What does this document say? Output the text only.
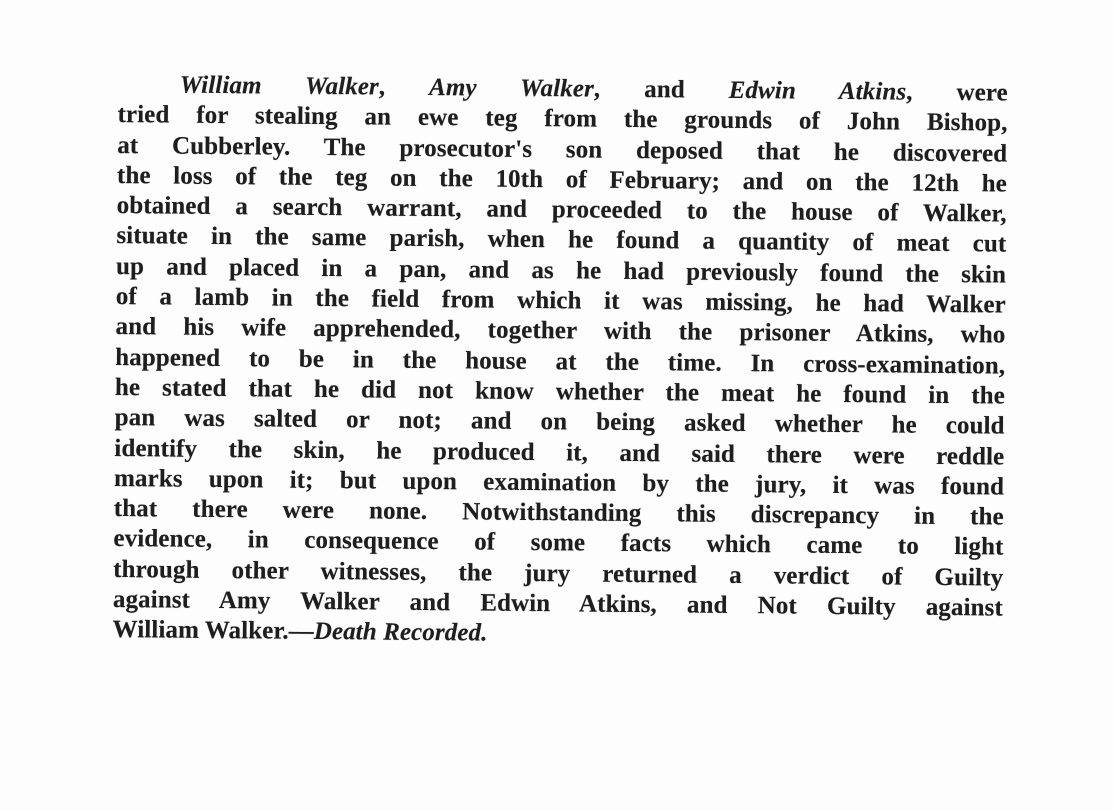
William Walker, Amy Walker, and Edwin Atkins, were
tried for stealing an ewe teg from the grounds of John Bishop,
at Cubberley. The prosecutor's son deposed that he discovered
the loss of the teg on the 10th of February; and on the 12th he
obtained a search warrant, and proceeded to the house of Walker,
situate in the same parish, when he found a quantity of meat cut
up and placed in a pan, and as he had previously found the skin
of a lamb in the field from which it was missing, he had Walker
and his wife apprehended, together with the prisoner Atkins, who
happened to be in the house at the time. In cross-examination,
he stated that he did not know whether the meat he found in the
pan was salted or not; and on being asked whether he could
identify the skin, he produced it, and said there were reddle
marks upon it; but upon examination by the jury, it was found
that there were none. Notwithstanding this discrepancy in the
evidence, in consequence of some facts which came to light
through other witnesses, the jury returned a verdict of Guilty
against Amy Walker and Edwin Atkins, and Not Guilty against
William Walker.—Death Recorded.
